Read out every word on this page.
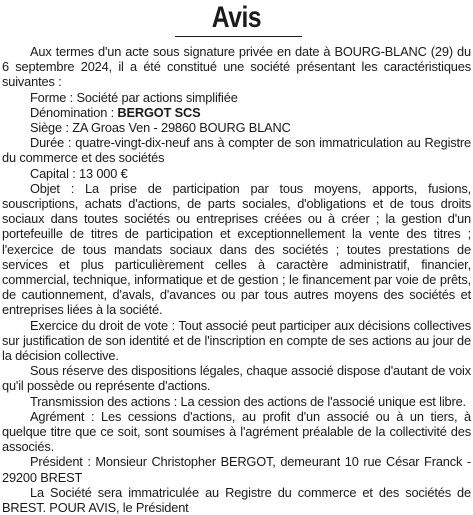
Avis

Aux termes d'un acte sous signature privée en date à BOURG-BLANC (29) du 6 septembre 2024, il a été constitué une société présentant les caractéristiques suivantes :

Forme : Société par actions simplifiée

Dénomination : BERGOT SCS

Siège : ZA Groas Ven - 29860 BOURG BLANC

Durée : quatre-vingt-dix-neuf ans à compter de son immatriculation au Registre du commerce et des sociétés

Capital : 13 000 €

Objet : La prise de participation par tous moyens, apports, fusions, souscriptions, achats d'actions, de parts sociales, d'obligations et de tous droits sociaux dans toutes sociétés ou entreprises créées ou à créer ; la gestion d'un portefeuille de titres de participation et exceptionnellement la vente des titres ; l'exercice de tous mandats sociaux dans des sociétés ; toutes prestations de services et plus particulièrement celles à caractère administratif, financier, commercial, technique, informatique et de gestion ; le financement par voie de prêts, de cautionnement, d'avals, d'avances ou par tous autres moyens des sociétés et entreprises liées à la société.

Exercice du droit de vote : Tout associé peut participer aux décisions collectives sur justification de son identité et de l'inscription en compte de ses actions au jour de la décision collective.

Sous réserve des dispositions légales, chaque associé dispose d'autant de voix qu'il possède ou représente d'actions.

Transmission des actions : La cession des actions de l'associé unique est libre.

Agrément : Les cessions d'actions, au profit d'un associé ou à un tiers, à quelque titre que ce soit, sont soumises à l'agrément préalable de la collectivité des associés.

Président : Monsieur Christopher BERGOT, demeurant 10 rue César Franck - 29200 BREST

La Société sera immatriculée au Registre du commerce et des sociétés de BREST. POUR AVIS, le Président
